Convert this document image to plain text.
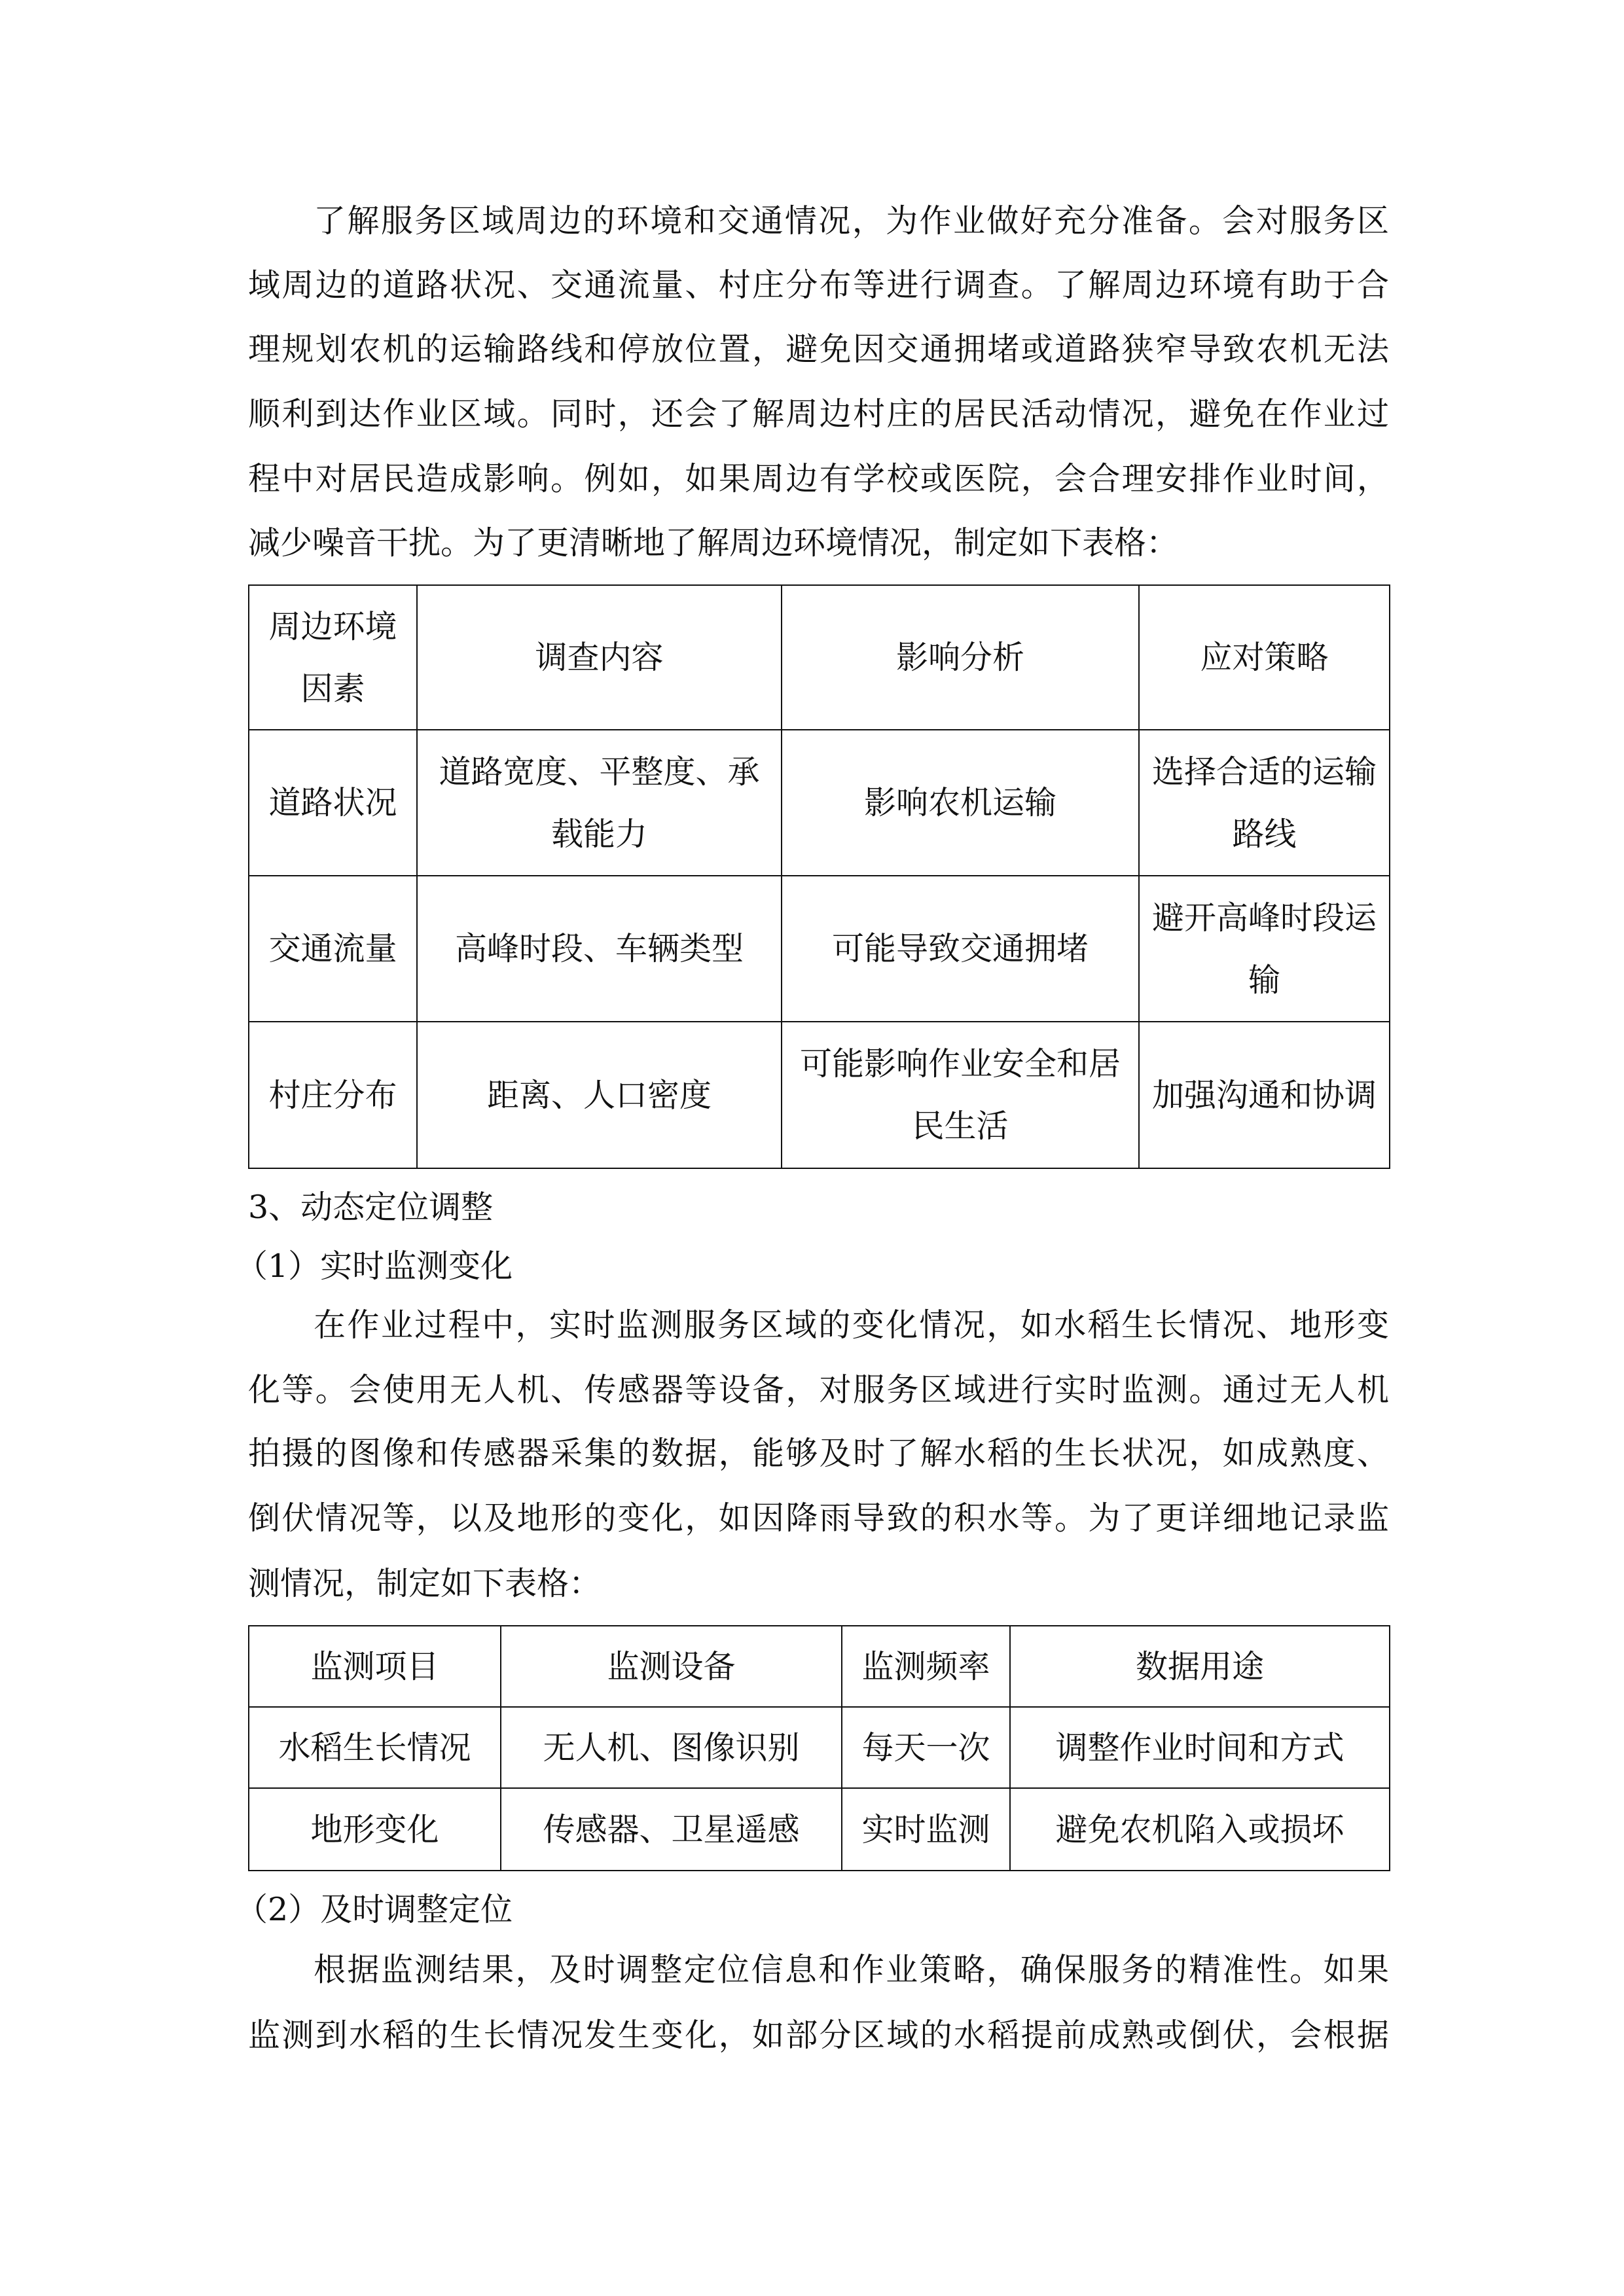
了解服务区域周边的环境和交通情况，为作业做好充分准备。会对服务区
域周边的道路状况、交通流量、村庄分布等进行调查。了解周边环境有助于合
理规划农机的运输路线和停放位置，避免因交通拥堵或道路狭窄导致农机无法
顺利到达作业区域。同时，还会了解周边村庄的居民活动情况，避免在作业过
程中对居民造成影响。例如，如果周边有学校或医院，会合理安排作业时间，
减少噪音干扰。为了更清晰地了解周边环境情况，制定如下表格：
周边环境因素	调查内容	影响分析	应对策略
道路状况	道路宽度、平整度、承载能力	影响农机运输	选择合适的运输路线
交通流量	高峰时段、车辆类型	可能导致交通拥堵	避开高峰时段运输
村庄分布	距离、人口密度	可能影响作业安全和居民生活	加强沟通和协调
3、动态定位调整
（1）实时监测变化
在作业过程中，实时监测服务区域的变化情况，如水稻生长情况、地形变
化等。会使用无人机、传感器等设备，对服务区域进行实时监测。通过无人机
拍摄的图像和传感器采集的数据，能够及时了解水稻的生长状况，如成熟度、
倒伏情况等，以及地形的变化，如因降雨导致的积水等。为了更详细地记录监
测情况，制定如下表格：
监测项目	监测设备	监测频率	数据用途
水稻生长情况	无人机、图像识别	每天一次	调整作业时间和方式
地形变化	传感器、卫星遥感	实时监测	避免农机陷入或损坏
（2）及时调整定位
根据监测结果，及时调整定位信息和作业策略，确保服务的精准性。如果
监测到水稻的生长情况发生变化，如部分区域的水稻提前成熟或倒伏，会根据
